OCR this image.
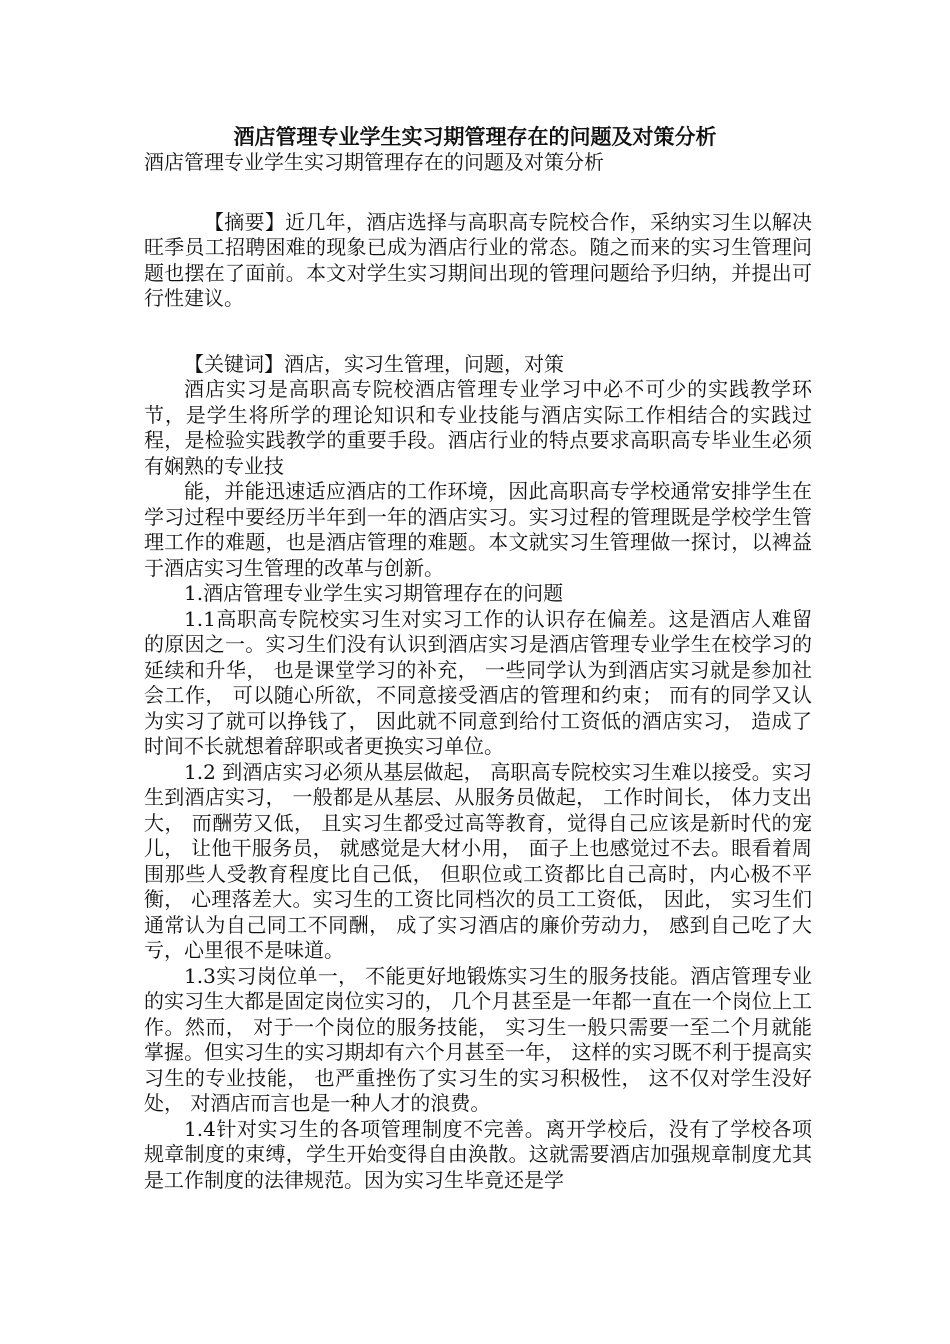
酒店管理专业学生实习期管理存在的问题及对策分析

酒店管理专业学生实习期管理存在的问题及对策分析

【摘要】近几年，酒店选择与高职高专院校合作，采纳实习生以解决旺季员工招聘困难的现象已成为酒店行业的常态。随之而来的实习生管理问题也摆在了面前。本文对学生实习期间出现的管理问题给予归纳，并提出可行性建议。

【关键词】酒店，实习生管理，问题，对策

酒店实习是高职高专院校酒店管理专业学习中必不可少的实践教学环节，是学生将所学的理论知识和专业技能与酒店实际工作相结合的实践过程，是检验实践教学的重要手段。酒店行业的特点要求高职高专毕业生必须有娴熟的专业技

能，并能迅速适应酒店的工作环境，因此高职高专学校通常安排学生在学习过程中要经历半年到一年的酒店实习。实习过程的管理既是学校学生管理工作的难题，也是酒店管理的难题。本文就实习生管理做一探讨，以裨益于酒店实习生管理的改革与创新。

1.酒店管理专业学生实习期管理存在的问题

1.1高职高专院校实习生对实习工作的认识存在偏差。这是酒店人难留的原因之一。实习生们没有认识到酒店实习是酒店管理专业学生在校学习的延续和升华， 也是课堂学习的补充， 一些同学认为到酒店实习就是参加社会工作， 可以随心所欲，不同意接受酒店的管理和约束； 而有的同学又认为实习了就可以挣钱了， 因此就不同意到给付工资低的酒店实习， 造成了时间不长就想着辞职或者更换实习单位。

1.2 到酒店实习必须从基层做起， 高职高专院校实习生难以接受。实习生到酒店实习， 一般都是从基层、从服务员做起， 工作时间长， 体力支出大， 而酬劳又低， 且实习生都受过高等教育，觉得自己应该是新时代的宠儿， 让他干服务员， 就感觉是大材小用， 面子上也感觉过不去。眼看着周围那些人受教育程度比自己低， 但职位或工资都比自己高时，内心极不平衡， 心理落差大。实习生的工资比同档次的员工工资低， 因此， 实习生们通常认为自己同工不同酬， 成了实习酒店的廉价劳动力， 感到自己吃了大亏，心里很不是味道。

1.3实习岗位单一， 不能更好地锻炼实习生的服务技能。酒店管理专业的实习生大都是固定岗位实习的， 几个月甚至是一年都一直在一个岗位上工作。然而， 对于一个岗位的服务技能， 实习生一般只需要一至二个月就能掌握。但实习生的实习期却有六个月甚至一年， 这样的实习既不利于提高实习生的专业技能， 也严重挫伤了实习生的实习积极性， 这不仅对学生没好处， 对酒店而言也是一种人才的浪费。

1.4针对实习生的各项管理制度不完善。离开学校后，没有了学校各项规章制度的束缚，学生开始变得自由涣散。这就需要酒店加强规章制度尤其是工作制度的法律规范。因为实习生毕竟还是学
